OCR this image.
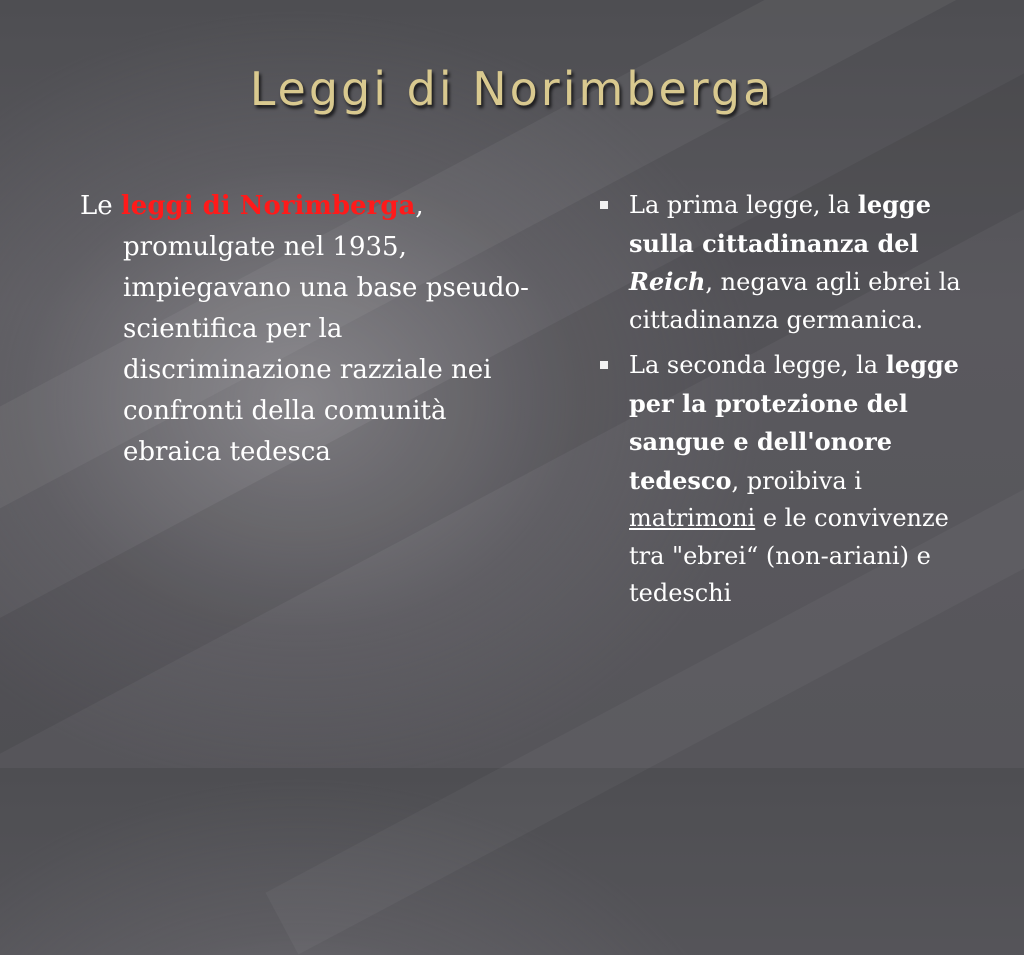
Leggi di Norimberga
Le leggi di Norimberga, promulgate nel 1935, impiegavano una base pseudo-scientifica per la discriminazione razziale nei confronti della comunità ebraica tedesca
La prima legge, la legge sulla cittadinanza del Reich, negava agli ebrei la cittadinanza germanica.
La seconda legge, la legge per la protezione del sangue e dell'onore tedesco, proibiva i matrimoni e le convivenze tra "ebrei“ (non-ariani) e tedeschi
